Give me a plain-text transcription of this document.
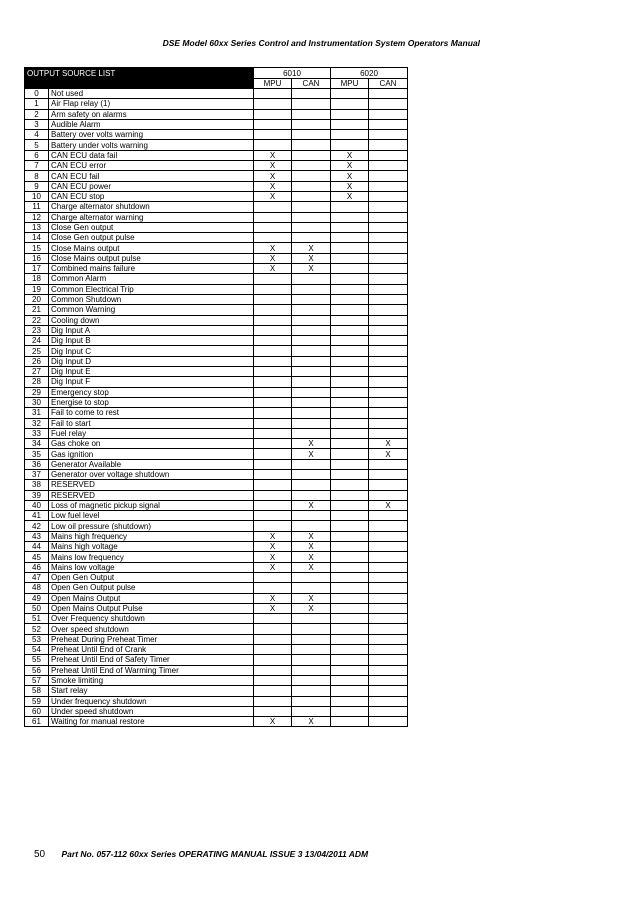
DSE Model 60xx Series Control and Instrumentation System Operators Manual
OUTPUT SOURCE LIST		6010		6020	
		MPU	CAN	MPU	CAN
0	Not used				
1	Air Flap relay (1)				
2	Arm safety on alarms				
3	Audible Alarm				
4	Battery over volts warning				
5	Battery under volts warning				
6	CAN ECU data fail	X		X	
7	CAN ECU error	X		X	
8	CAN ECU fail	X		X	
9	CAN ECU power	X		X	
10	CAN ECU stop	X		X	
11	Charge alternator shutdown				
12	Charge alternator warning				
13	Close Gen output				
14	Close Gen output pulse				
15	Close Mains output	X	X		
16	Close Mains output pulse	X	X		
17	Combined mains failure	X	X		
18	Common Alarm				
19	Common Electrical Trip				
20	Common Shutdown				
21	Common Warning				
22	Cooling down				
23	Dig Input A				
24	Dig Input B				
25	Dig Input C				
26	Dig Input D				
27	Dig Input E				
28	Dig Input F				
29	Emergency stop				
30	Energise to stop				
31	Fail to come to rest				
32	Fail to start				
33	Fuel relay				
34	Gas choke on		X		X
35	Gas ignition		X		X
36	Generator Available				
37	Generator over voltage shutdown				
38	RESERVED				
39	RESERVED				
40	Loss of magnetic pickup signal		X		X
41	Low fuel level				
42	Low oil pressure (shutdown)				
43	Mains high frequency	X	X		
44	Mains high voltage	X	X		
45	Mains low frequency	X	X		
46	Mains low voltage	X	X		
47	Open Gen Output				
48	Open Gen Output pulse				
49	Open Mains Output	X	X		
50	Open Mains Output Pulse	X	X		
51	Over Frequency shutdown				
52	Over speed shutdown				
53	Preheat During Preheat Timer				
54	Preheat Until End of Crank				
55	Preheat Until End of Safety Timer				
56	Preheat Until End of Warming Timer				
57	Smoke limiting				
58	Start relay				
59	Under frequency shutdown				
60	Under speed shutdown				
61	Waiting for manual restore	X	X		
50 Part No. 057-112 60xx Series OPERATING MANUAL ISSUE 3 13/04/2011 ADM
